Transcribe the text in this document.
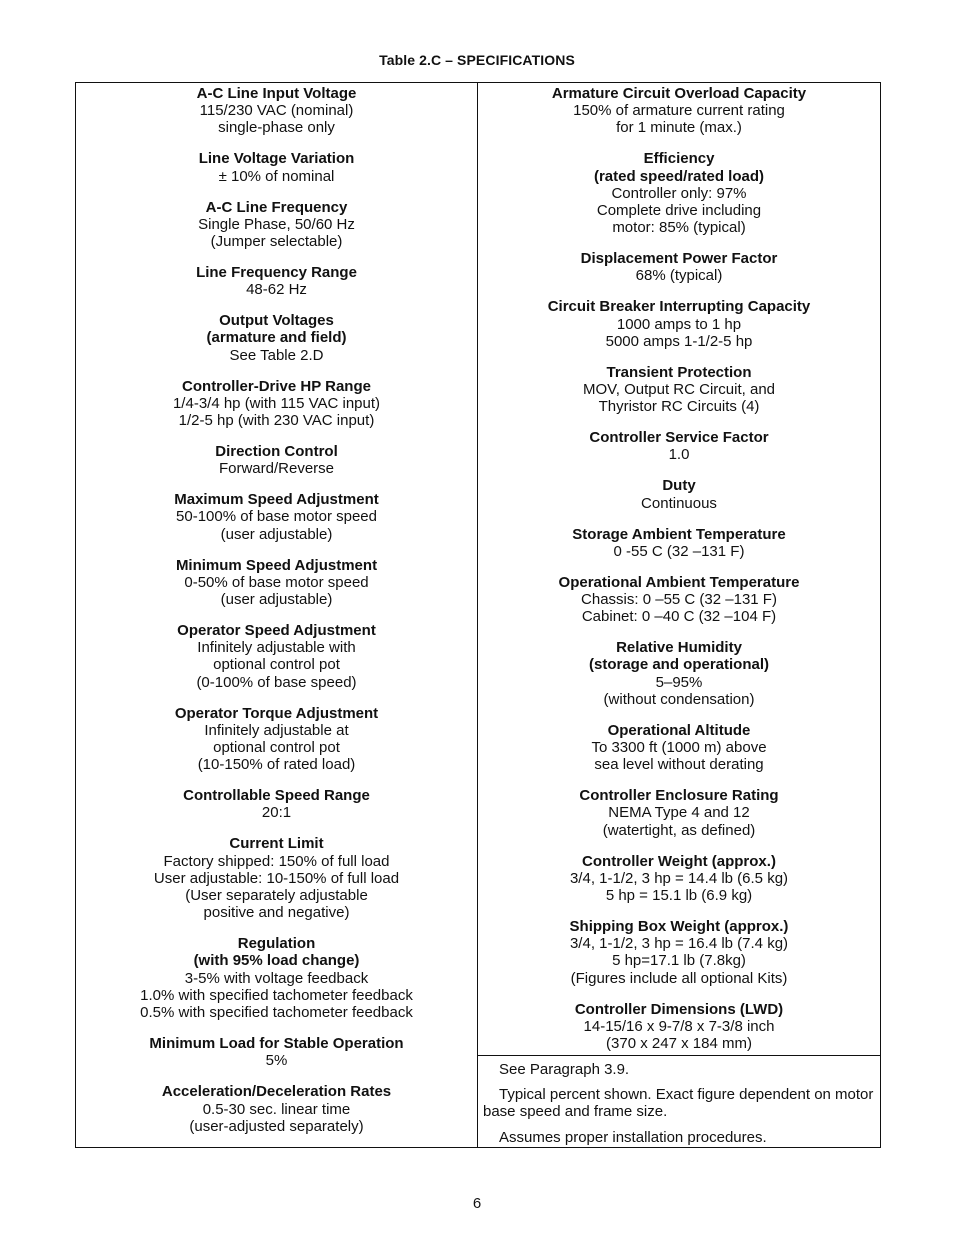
Table 2.C – SPECIFICATIONS
A-C Line Input Voltage
115/230 VAC (nominal)
single-phase only
Line Voltage Variation
± 10% of nominal
A-C Line Frequency
Single Phase, 50/60 Hz
(Jumper selectable)
Line Frequency Range
48-62 Hz
Output Voltages
(armature and field)
See Table 2.D
Controller-Drive HP Range
1/4-3/4 hp (with 115 VAC input)
1/2-5 hp (with 230 VAC input)
Direction Control
Forward/Reverse
Maximum Speed Adjustment
50-100% of base motor speed
(user adjustable)
Minimum Speed Adjustment
0-50% of base motor speed
(user adjustable)
Operator Speed Adjustment
Infinitely adjustable with
optional control pot
(0-100% of base speed)
Operator Torque Adjustment
Infinitely adjustable at
optional control pot
(10-150% of rated load)
Controllable Speed Range
20:1
Current Limit
Factory shipped: 150% of full load
User adjustable: 10-150% of full load
(User separately adjustable
positive and negative)
Regulation
(with 95% load change)
3-5% with voltage feedback
1.0% with specified tachometer feedback
0.5% with specified tachometer feedback
Minimum Load for Stable Operation
5%
Acceleration/Deceleration Rates
0.5-30 sec. linear time
(user-adjusted separately)
Armature Circuit Overload Capacity
150% of armature current rating
for 1 minute (max.)
Efficiency
(rated speed/rated load)
Controller only: 97%
Complete drive including
motor: 85% (typical)
Displacement Power Factor
68% (typical)
Circuit Breaker Interrupting Capacity
1000 amps to 1 hp
5000 amps 1-1/2-5 hp
Transient Protection
MOV, Output RC Circuit, and
Thyristor RC Circuits (4)
Controller Service Factor
1.0
Duty
Continuous
Storage Ambient Temperature
0 -55 C (32 –131 F)
Operational Ambient Temperature
Chassis: 0 –55 C (32 –131 F)
Cabinet: 0 –40 C (32 –104 F)
Relative Humidity
(storage and operational)
5–95%
(without condensation)
Operational Altitude
To 3300 ft (1000 m) above
sea level without derating
Controller Enclosure Rating
NEMA Type 4 and 12
(watertight, as defined)
Controller Weight (approx.)
3/4, 1-1/2, 3 hp = 14.4 lb (6.5 kg)
5 hp = 15.1 lb (6.9 kg)
Shipping Box Weight (approx.)
3/4, 1-1/2, 3 hp = 16.4 lb (7.4 kg)
5 hp=17.1 lb (7.8kg)
(Figures include all optional Kits)
Controller Dimensions (LWD)
14-15/16 x 9-7/8 x 7-3/8 inch
(370 x 247 x 184 mm)

See Paragraph 3.9.

Typical percent shown. Exact figure dependent on motor base speed and frame size.

Assumes proper installation procedures.

6
